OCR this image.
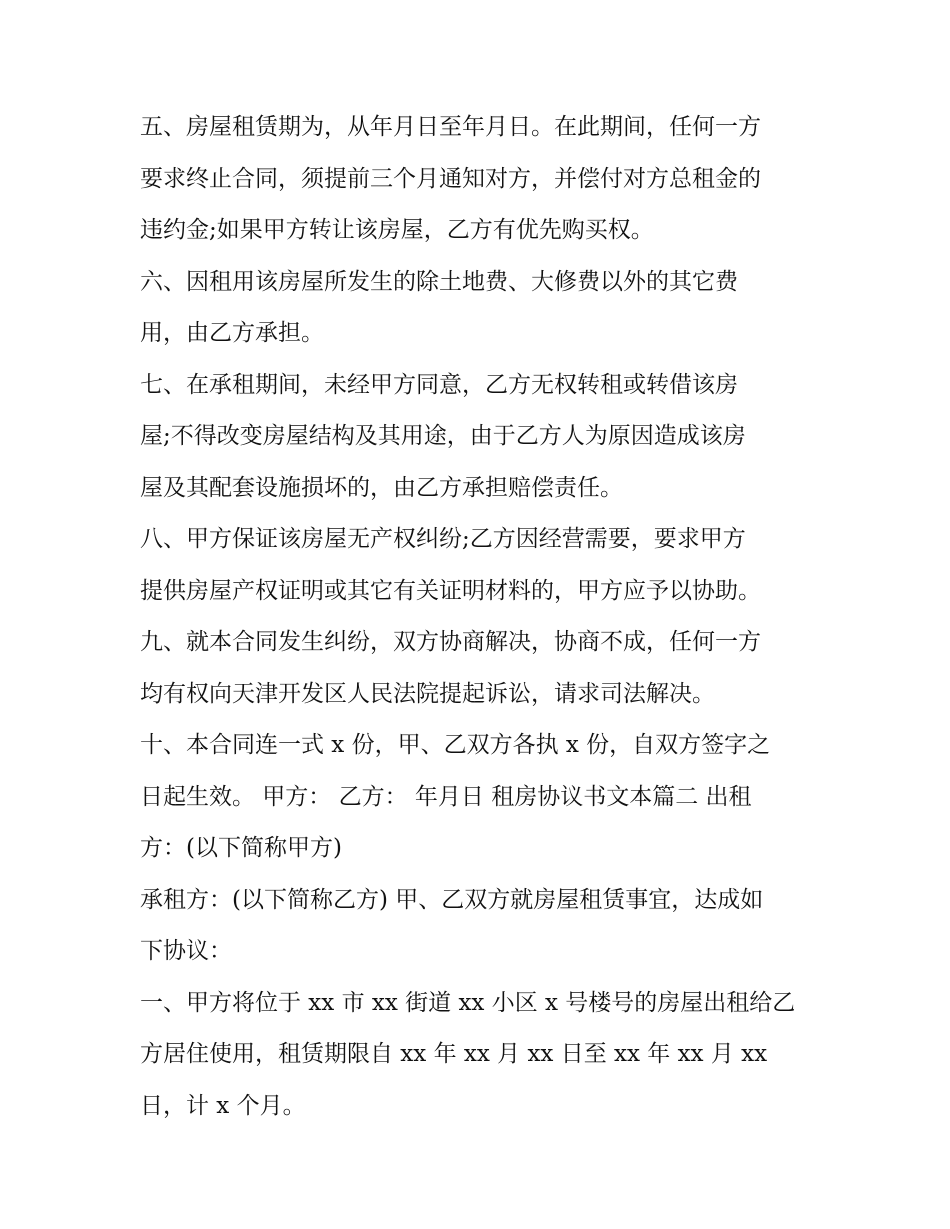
五、房屋租赁期为，从年月日至年月日。在此期间，任何一方
要求终止合同，须提前三个月通知对方，并偿付对方总租金的
违约金;如果甲方转让该房屋，乙方有优先购买权。
六、因租用该房屋所发生的除土地费、大修费以外的其它费
用，由乙方承担。
七、在承租期间，未经甲方同意，乙方无权转租或转借该房
屋;不得改变房屋结构及其用途，由于乙方人为原因造成该房
屋及其配套设施损坏的，由乙方承担赔偿责任。
八、甲方保证该房屋无产权纠纷;乙方因经营需要，要求甲方
提供房屋产权证明或其它有关证明材料的，甲方应予以协助。
九、就本合同发生纠纷，双方协商解决，协商不成，任何一方
均有权向天津开发区人民法院提起诉讼，请求司法解决。
十、本合同连一式 x 份，甲、乙双方各执 x 份，自双方签字之
日起生效。 甲方： 乙方： 年月日 租房协议书文本篇二 出租
方：(以下简称甲方)
承租方：(以下简称乙方) 甲、乙双方就房屋租赁事宜，达成如
下协议：
一、甲方将位于 xx 市 xx 街道 xx 小区 x 号楼号的房屋出租给乙
方居住使用，租赁期限自 xx 年 xx 月 xx 日至 xx 年 xx 月 xx
日，计 x 个月。
